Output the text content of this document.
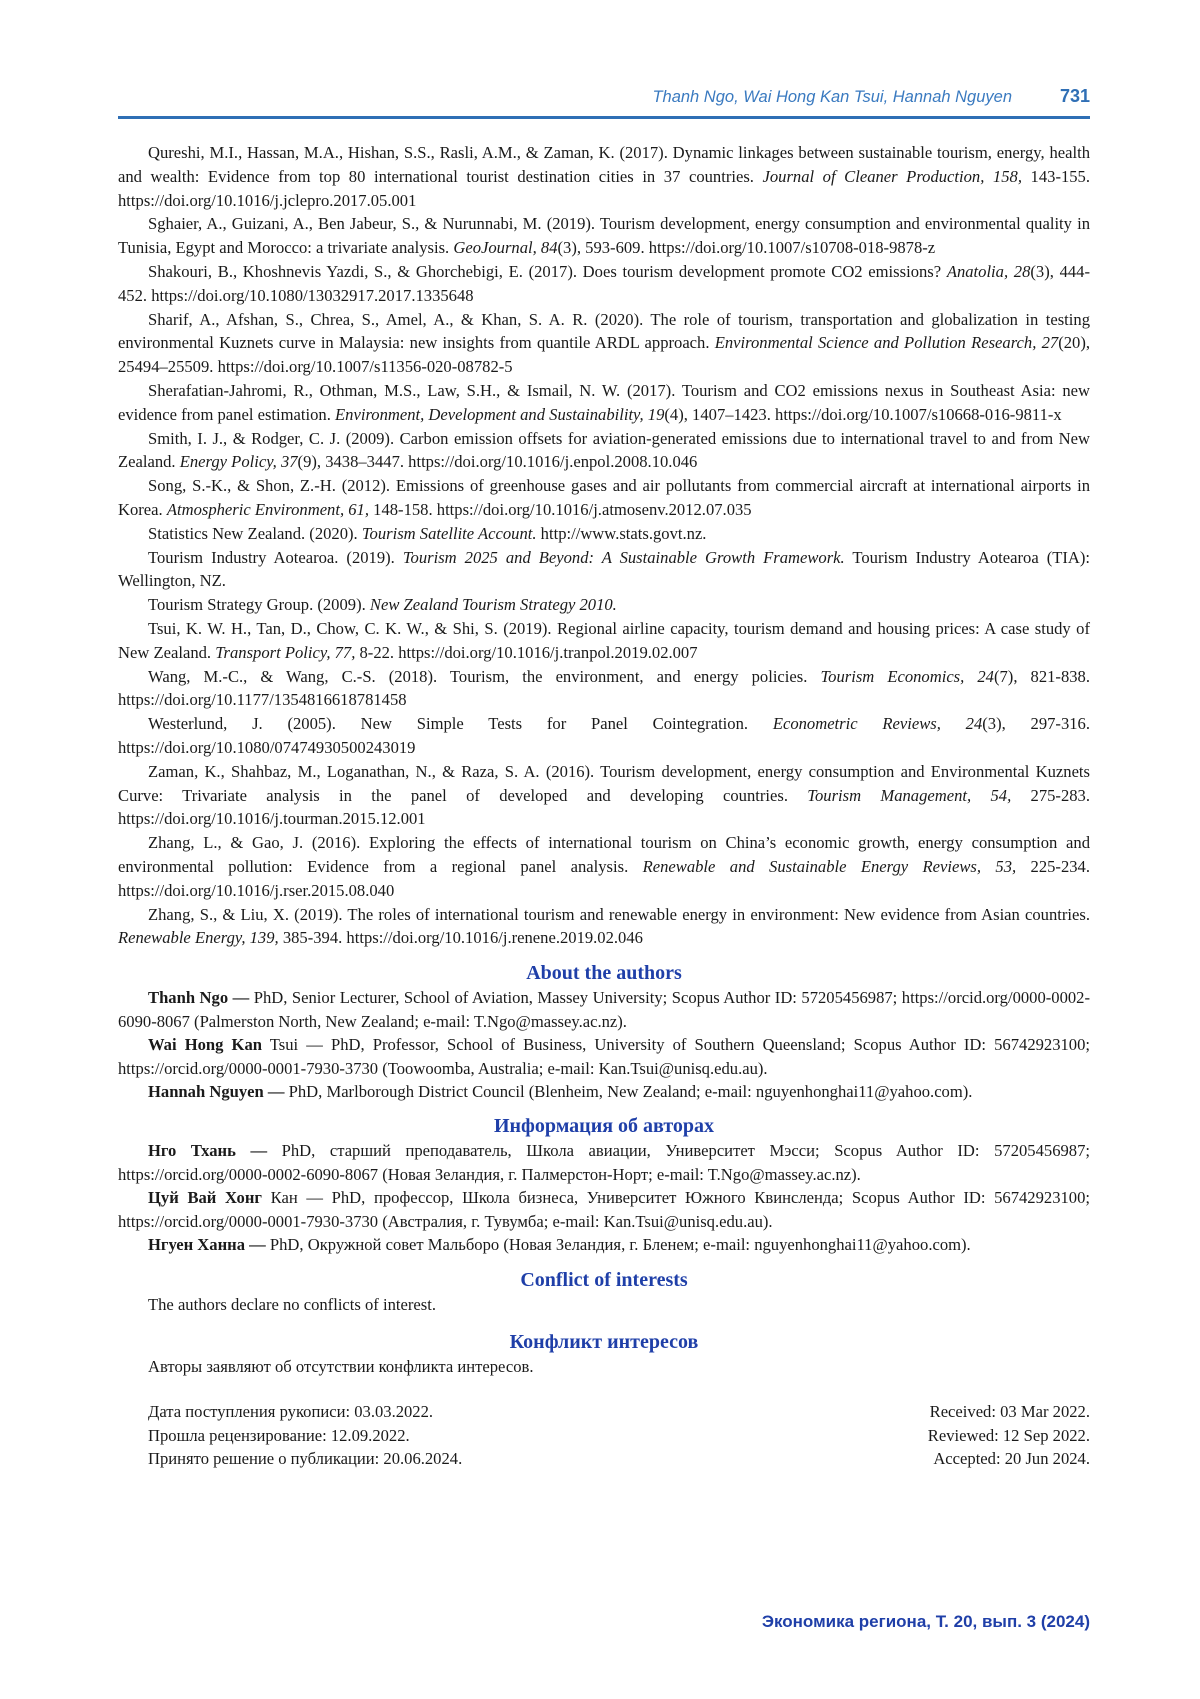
Thanh Ngo, Wai Hong Kan Tsui, Hannah Nguyen	731

Qureshi, M.I., Hassan, M.A., Hishan, S.S., Rasli, A.M., & Zaman, K. (2017). Dynamic linkages between sustainable tourism, energy, health and wealth: Evidence from top 80 international tourist destination cities in 37 countries. Journal of Cleaner Production, 158, 143-155. https://doi.org/10.1016/j.jclepro.2017.05.001

Sghaier, A., Guizani, A., Ben Jabeur, S., & Nurunnabi, M. (2019). Tourism development, energy consumption and environmental quality in Tunisia, Egypt and Morocco: a trivariate analysis. GeoJournal, 84(3), 593-609. https://doi.org/10.1007/s10708-018-9878-z

Shakouri, B., Khoshnevis Yazdi, S., & Ghorchebigi, E. (2017). Does tourism development promote CO2 emissions? Anatolia, 28(3), 444-452. https://doi.org/10.1080/13032917.2017.1335648

Sharif, A., Afshan, S., Chrea, S., Amel, A., & Khan, S. A. R. (2020). The role of tourism, transportation and globalization in testing environmental Kuznets curve in Malaysia: new insights from quantile ARDL approach. Environmental Science and Pollution Research, 27(20), 25494–25509. https://doi.org/10.1007/s11356-020-08782-5

Sherafatian-Jahromi, R., Othman, M.S., Law, S.H., & Ismail, N. W. (2017). Tourism and CO2 emissions nexus in Southeast Asia: new evidence from panel estimation. Environment, Development and Sustainability, 19(4), 1407–1423. https://doi.org/10.1007/s10668-016-9811-x

Smith, I. J., & Rodger, C. J. (2009). Carbon emission offsets for aviation-generated emissions due to international travel to and from New Zealand. Energy Policy, 37(9), 3438–3447. https://doi.org/10.1016/j.enpol.2008.10.046

Song, S.-K., & Shon, Z.-H. (2012). Emissions of greenhouse gases and air pollutants from commercial aircraft at international airports in Korea. Atmospheric Environment, 61, 148-158. https://doi.org/10.1016/j.atmosenv.2012.07.035

Statistics New Zealand. (2020). Tourism Satellite Account. http://www.stats.govt.nz.

Tourism Industry Aotearoa. (2019). Tourism 2025 and Beyond: A Sustainable Growth Framework. Tourism Industry Aotearoa (TIA): Wellington, NZ.

Tourism Strategy Group. (2009). New Zealand Tourism Strategy 2010.

Tsui, K. W. H., Tan, D., Chow, C. K. W., & Shi, S. (2019). Regional airline capacity, tourism demand and housing prices: A case study of New Zealand. Transport Policy, 77, 8-22. https://doi.org/10.1016/j.tranpol.2019.02.007

Wang, M.-C., & Wang, C.-S. (2018). Tourism, the environment, and energy policies. Tourism Economics, 24(7), 821-838. https://doi.org/10.1177/1354816618781458

Westerlund, J. (2005). New Simple Tests for Panel Cointegration. Econometric Reviews, 24(3), 297-316. https://doi.org/10.1080/07474930500243019

Zaman, K., Shahbaz, M., Loganathan, N., & Raza, S. A. (2016). Tourism development, energy consumption and Environmental Kuznets Curve: Trivariate analysis in the panel of developed and developing countries. Tourism Management, 54, 275-283. https://doi.org/10.1016/j.tourman.2015.12.001

Zhang, L., & Gao, J. (2016). Exploring the effects of international tourism on China’s economic growth, energy consumption and environmental pollution: Evidence from a regional panel analysis. Renewable and Sustainable Energy Reviews, 53, 225-234. https://doi.org/10.1016/j.rser.2015.08.040

Zhang, S., & Liu, X. (2019). The roles of international tourism and renewable energy in environment: New evidence from Asian countries. Renewable Energy, 139, 385-394. https://doi.org/10.1016/j.renene.2019.02.046

About the authors

Thanh Ngo — PhD, Senior Lecturer, School of Aviation, Massey University; Scopus Author ID: 57205456987; https://orcid.org/0000-0002-6090-8067 (Palmerston North, New Zealand; e-mail: T.Ngo@massey.ac.nz).

Wai Hong Kan Tsui — PhD, Professor, School of Business, University of Southern Queensland; Scopus Author ID: 56742923100; https://orcid.org/0000-0001-7930-3730 (Toowoomba, Australia; e-mail: Kan.Tsui@unisq.edu.au).

Hannah Nguyen — PhD, Marlborough District Council (Blenheim, New Zealand; e-mail: nguyenhonghai11@yahoo.com).

Информация об авторах

Нго Тхань — PhD, старший преподаватель, Школа авиации, Университет Мэсси; Scopus Author ID: 57205456987; https://orcid.org/0000-0002-6090-8067 (Новая Зеландия, г. Палмерстон-Норт; e-mail: T.Ngo@massey.ac.nz).

Цуй Вай Хонг Кан — PhD, профессор, Школа бизнеса, Университет Южного Квинсленда; Scopus Author ID: 56742923100; https://orcid.org/0000-0001-7930-3730 (Австралия, г. Тувумба; e-mail: Kan.Tsui@unisq.edu.au).

Нгуен Ханна — PhD, Окружной совет Мальборо (Новая Зеландия, г. Бленем; e-mail: nguyenhonghai11@yahoo.com).

Conflict of interests

The authors declare no conflicts of interest.

Конфликт интересов

Авторы заявляют об отсутствии конфликта интересов.

Дата поступления рукописи: 03.03.2022.
Прошла рецензирование: 12.09.2022.
Принято решение о публикации: 20.06.2024.
Received: 03 Mar 2022.
Reviewed: 12 Sep 2022.
Accepted: 20 Jun 2024.
Экономика региона, Т. 20, вып. 3 (2024)
